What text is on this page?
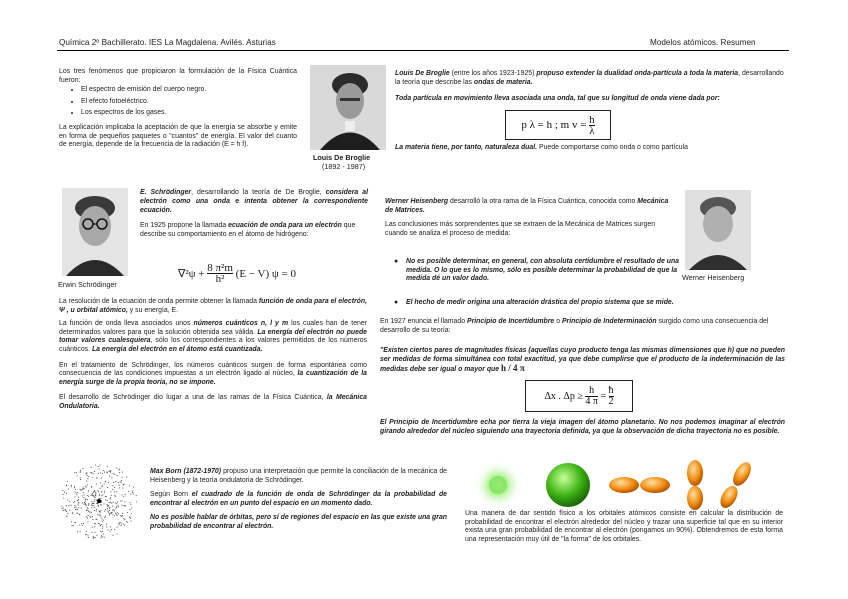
Química 2º Bachillerato. IES La Magdalena. Avilés. Asturias	Modelos atómicos. Resumen
Los tres fenómenos que propiciaron la formulación de la Física Cuántica fueron:
• El espectro de emisión del cuerpo negro.
• El efecto fotoeléctrico.
• Los espectros de los gases.
La explicación implicaba la aceptación de que la energía se absorbe y emite en forma de pequeños paquetes o "cuantos" de energía. El valor del cuanto de energía, depende de la frecuencia de la radiación (E = h f).
Louis De Broglie
(1892 - 1987)
Louis De Broglie (entre los años 1923-1925) propuso extender la dualidad onda-partícula a toda la materia, desarrollando la teoría que describe las ondas de materia.
Toda partícula en movimiento lleva asociada una onda, tal que su longitud de onda viene dada por:
p λ = h ; m v =
$\frac{h}{\lambda}$
La materia tiene, por tanto, naturaleza dual. Puede comportarse como onda o como partícula
Erwin Schrödinger
E. Schrödinger, desarrollando la teoría de De Broglie, considera al electrón como una onda e intenta obtener la correspondiente ecuación.
En 1925 propone la llamada ecuación de onda para un electrón que describe su comportamiento en el átomo de hidrógeno:
∇²ψ +
$\frac{\text{8 π²m}}{\text{h²}}$
(E − V) ψ = 0
La resolución de la ecuación de onda permite obtener la llamada función de onda para el electrón, Ψ , u orbital atómico, y su energía, E.
La función de onda lleva asociados unos números cuánticos n, l y m los cuales han de tener determinados valores para que la solución obtenida sea válida. La energía del electrón no puede tomar valores cualesquiera, sólo los correspondientes a los valores permitidos de los números cuánticos. La energía del electrón en el átomo está cuantizada.
En el tratamiento de Schrödinger, los números cuánticos surgen de forma espontánea como consecuencia de las condiciones impuestas a un electrón ligado al núcleo, la cuantización de la energía surge de la propia teoría, no se impone.
El desarrollo de Schrödinger dio lugar a una de las ramas de la Física Cuántica, la Mecánica Ondulatoria.
Werner Heisenberg desarrolló la otra rama de la Física Cuántica, conocida como Mecánica de Matrices.
Las conclusiones más sorprendentes que se extraen de la Mecánica de Matrices surgen cuando se analiza el proceso de medida:
Werner Heisenberg
● No es posible determinar, en general, con absoluta certidumbre el resultado de una medida. O lo que es lo mismo, sólo es posible determinar la probabilidad de que la medida dé un valor dado.
● El hecho de medir origina una alteración drástica del propio sistema que se mide.
En 1927 enuncia el llamado Principio de Incertidumbre o Principio de Indeterminación surgido como una consecuencia del desarrollo de su teoría:
"Existen ciertos pares de magnitudes físicas (aquellas cuyo producto tenga las mismas dimensiones que h) que no pueden ser medidas de forma simultánea con total exactitud, ya que debe cumplirse que el producto de la indeterminación de las medidas debe ser igual o mayor que h / 4 π
Δx . Δp ≥
$\frac{h}{4 \pi}$
=
$\frac{ħ}{2}$
El Principio de Incertidumbre echa por tierra la vieja imagen del átomo planetario. No nos podemos imaginar al electrón girando alrededor del núcleo siguiendo una trayectoria definida, ya que la observación de dicha trayectoria no es posible.
Max Born (1872-1970) propuso una interpretación que permite la conciliación de la mecánica de Heisenberg y la teoría ondulatoria de Schrödinger.
Según Born el cuadrado de la función de onda de Schrödinger da la probabilidad de encontrar al electrón en un punto del espacio en un momento dado.
No es posible hablar de órbitas, pero sí de regiones del espacio en las que existe una gran probabilidad de encontrar al electrón.
Una manera de dar sentido físico a los orbitales atómicos consiste en calcular la distribución de probabilidad de encontrar el electrón alrededor del núcleo y trazar una superficie tal que en su interior exista una gran probabilidad de encontrar al electrón (pongamos un 90%). Obtendremos de esta forma una representación muy útil de "la forma" de los orbitales.
